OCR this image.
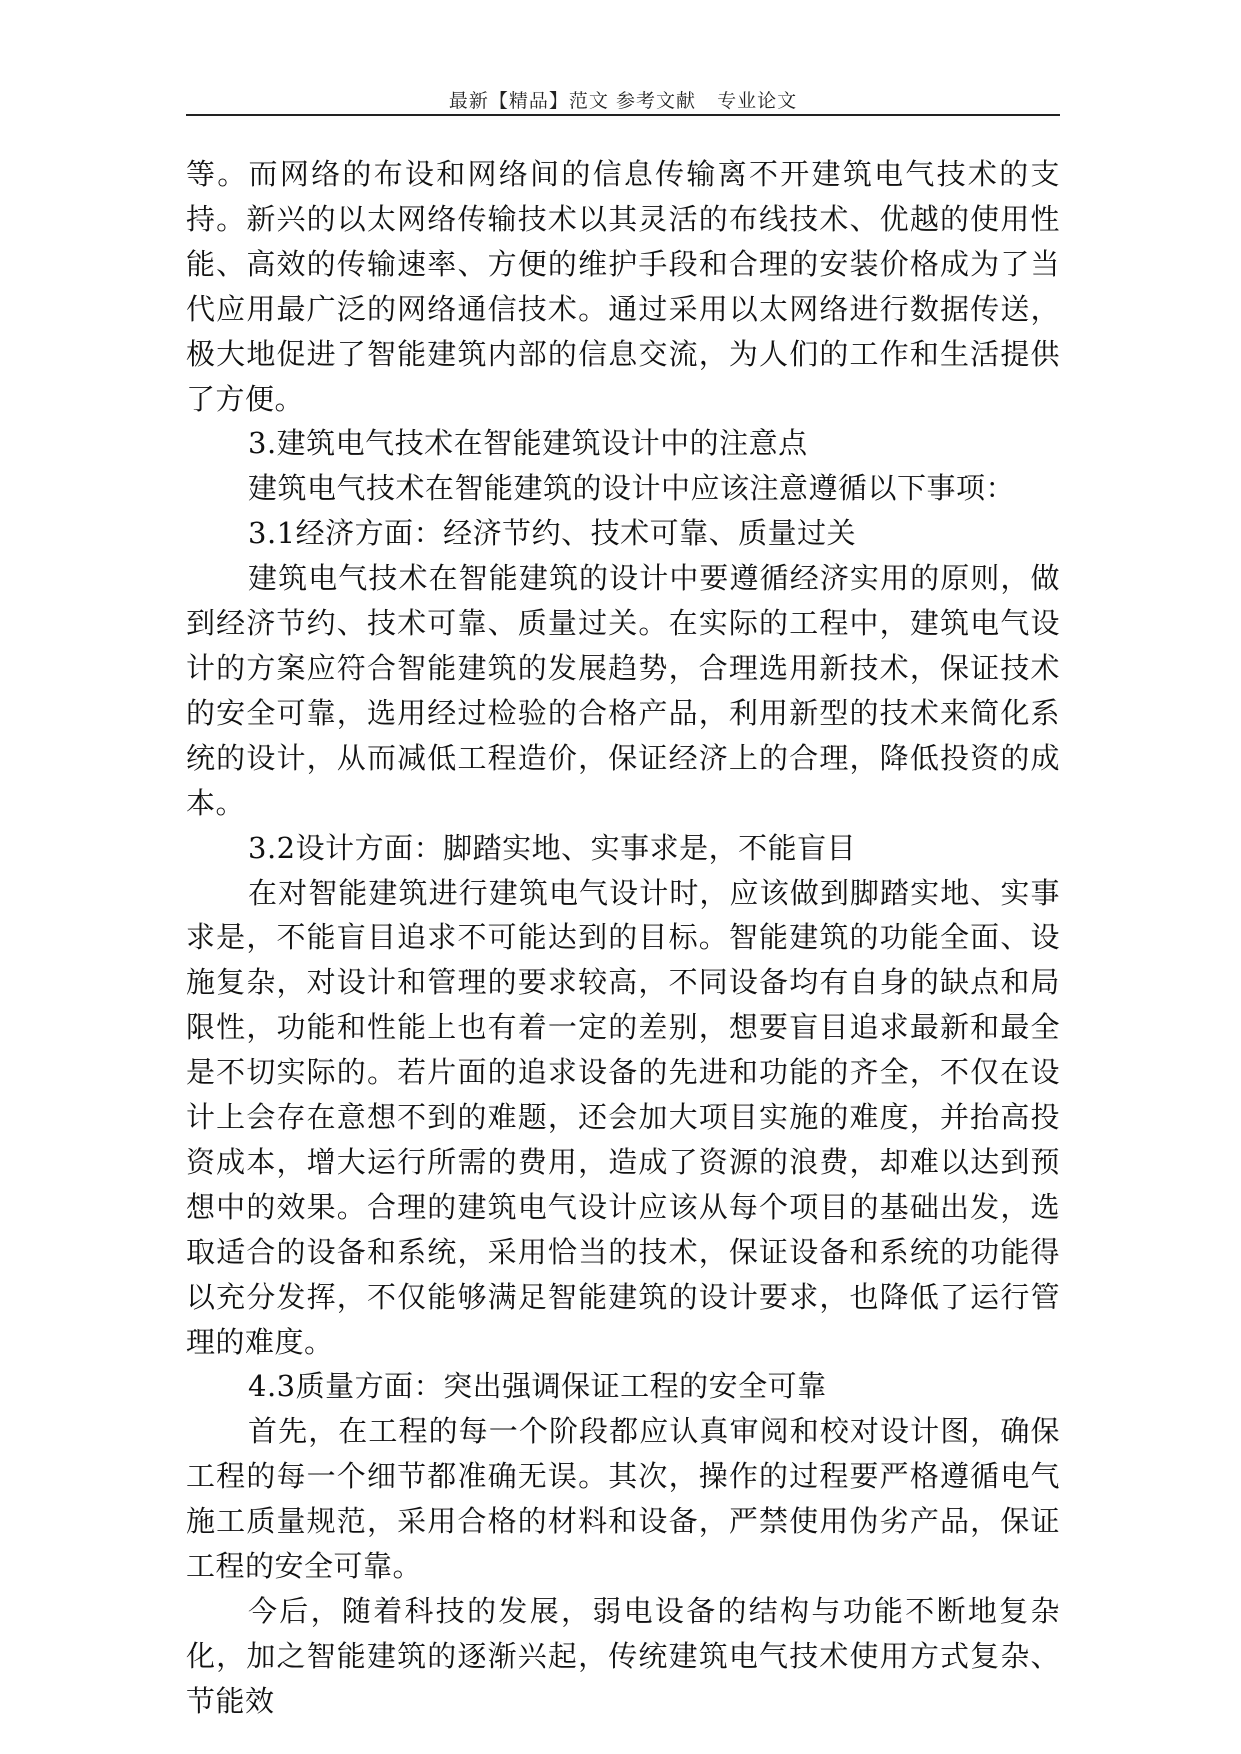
最新【精品】范文 参考文献   专业论文

等。而网络的布设和网络间的信息传输离不开建筑电气技术的支持。新兴的以太网络传输技术以其灵活的布线技术、优越的使用性能、高效的传输速率、方便的维护手段和合理的安装价格成为了当代应用最广泛的网络通信技术。通过采用以太网络进行数据传送，极大地促进了智能建筑内部的信息交流，为人们的工作和生活提供了方便。

3.建筑电气技术在智能建筑设计中的注意点

建筑电气技术在智能建筑的设计中应该注意遵循以下事项：

3.1经济方面：经济节约、技术可靠、质量过关

建筑电气技术在智能建筑的设计中要遵循经济实用的原则，做到经济节约、技术可靠、质量过关。在实际的工程中，建筑电气设计的方案应符合智能建筑的发展趋势，合理选用新技术，保证技术的安全可靠，选用经过检验的合格产品，利用新型的技术来简化系统的设计，从而减低工程造价，保证经济上的合理，降低投资的成本。

3.2设计方面：脚踏实地、实事求是，不能盲目

在对智能建筑进行建筑电气设计时，应该做到脚踏实地、实事求是，不能盲目追求不可能达到的目标。智能建筑的功能全面、设施复杂，对设计和管理的要求较高，不同设备均有自身的缺点和局限性，功能和性能上也有着一定的差别，想要盲目追求最新和最全是不切实际的。若片面的追求设备的先进和功能的齐全，不仅在设计上会存在意想不到的难题，还会加大项目实施的难度，并抬高投资成本，增大运行所需的费用，造成了资源的浪费，却难以达到预想中的效果。合理的建筑电气设计应该从每个项目的基础出发，选取适合的设备和系统，采用恰当的技术，保证设备和系统的功能得以充分发挥，不仅能够满足智能建筑的设计要求，也降低了运行管理的难度。

4.3质量方面：突出强调保证工程的安全可靠

首先，在工程的每一个阶段都应认真审阅和校对设计图，确保工程的每一个细节都准确无误。其次，操作的过程要严格遵循电气施工质量规范，采用合格的材料和设备，严禁使用伪劣产品，保证工程的安全可靠。

今后，随着科技的发展，弱电设备的结构与功能不断地复杂化，加之智能建筑的逐渐兴起，传统建筑电气技术使用方式复杂、节能效
